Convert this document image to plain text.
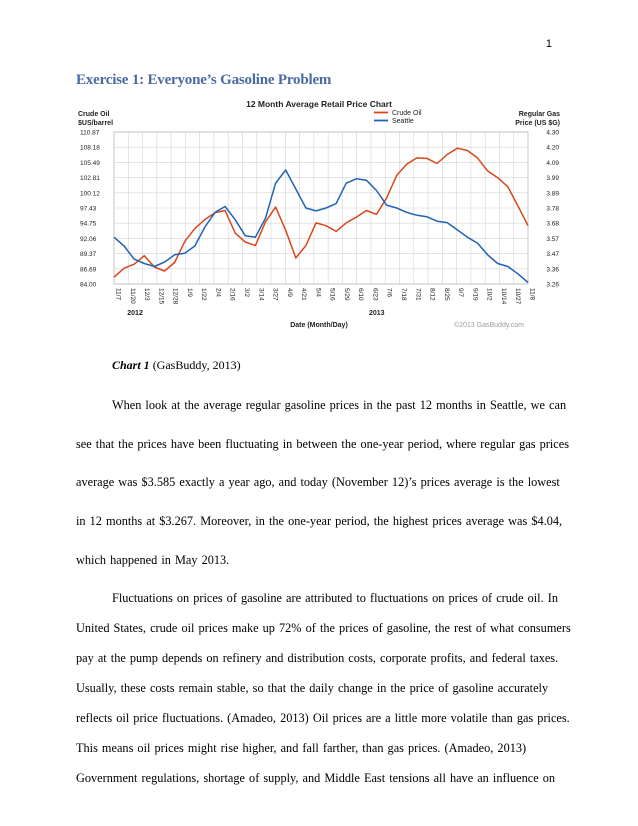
1
Exercise 1: Everyone’s Gasoline Problem
12 Month Average Retail Price Chart
Crude Oil
$US/barrel
Regular Gas
Price (US $G)
110.87	4.30
108.18	4.20
105.49	4.09
102.81	3.99
100.12	3.89
97.43	3.78
94.75	3.68
92.06	3.57
89.37	3.47
86.69	3.36
84.00	3.26
11/7 11/20 12/3 12/15 12/28 1/9 1/22 2/4 2/16 3/2 3/14 3/27 4/9 4/21 5/4 5/16 5/29 6/10 6/23 7/6 7/18 7/31 8/12 8/25 9/7 9/19 10/2 10/14 10/27 11/8
2012	2013
Date (Month/Day)	©2013 GasBuddy.com
Crude Oil
Seattle
Chart 1 (GasBuddy, 2013)
When look at the average regular gasoline prices in the past 12 months in Seattle, we can
see that the prices have been fluctuating in between the one-year period, where regular gas prices
average was $3.585 exactly a year ago, and today (November 12)’s prices average is the lowest
in 12 months at $3.267. Moreover, in the one-year period, the highest prices average was $4.04,
which happened in May 2013.
Fluctuations on prices of gasoline are attributed to fluctuations on prices of crude oil. In
United States, crude oil prices make up 72% of the prices of gasoline, the rest of what consumers
pay at the pump depends on refinery and distribution costs, corporate profits, and federal taxes.
Usually, these costs remain stable, so that the daily change in the price of gasoline accurately
reflects oil price fluctuations. (Amadeo, 2013) Oil prices are a little more volatile than gas prices.
This means oil prices might rise higher, and fall farther, than gas prices. (Amadeo, 2013)
Government regulations, shortage of supply, and Middle East tensions all have an influence on
